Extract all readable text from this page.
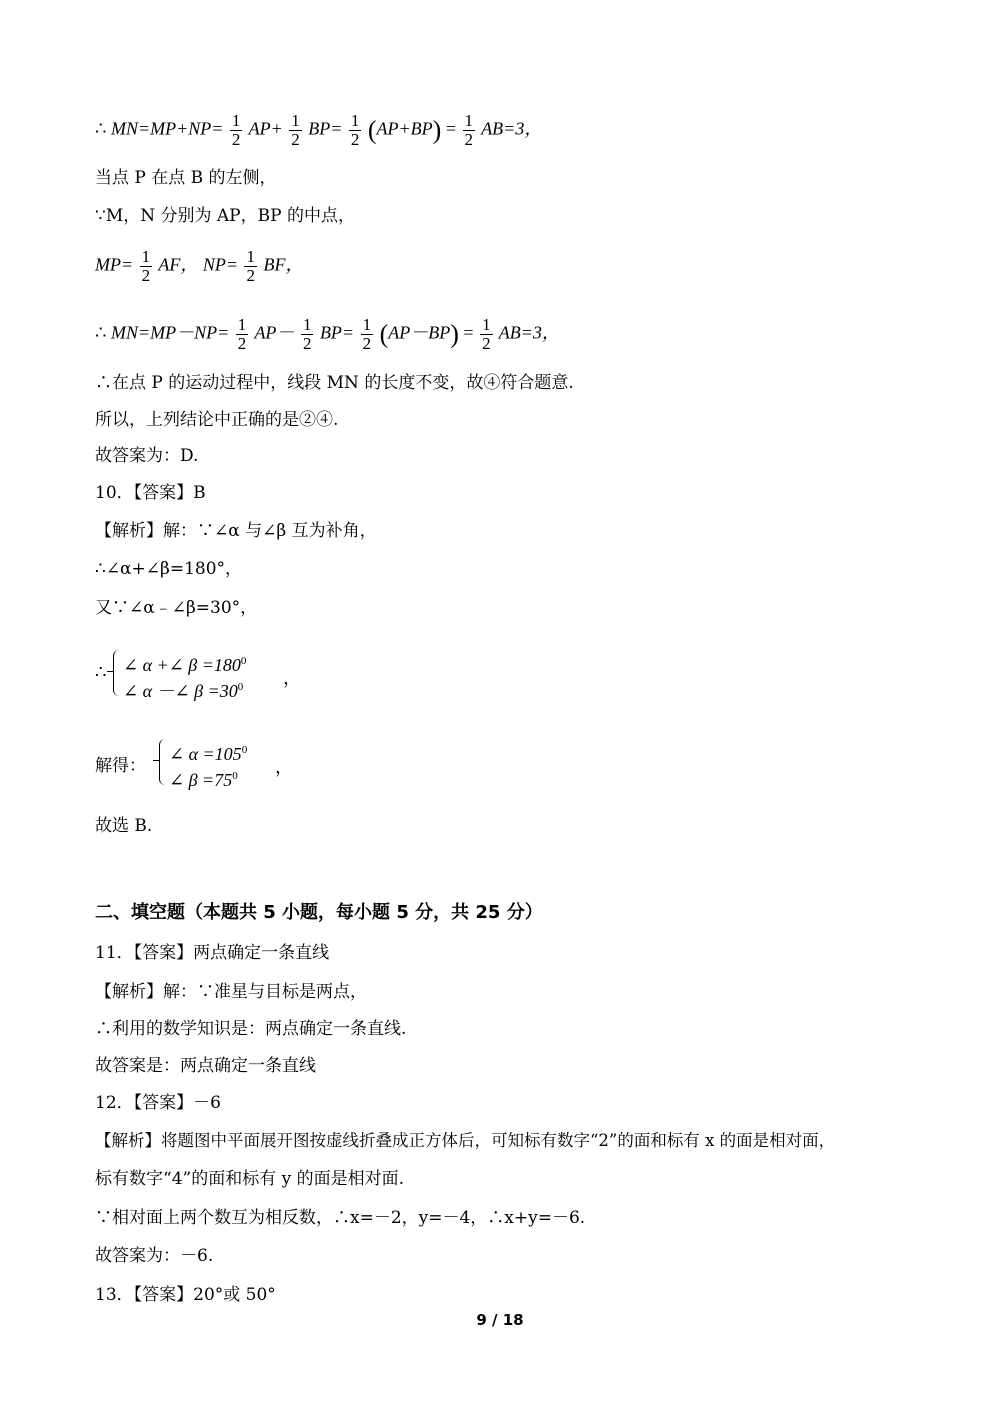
∴ $MN=MP+NP= \frac{1}{2} AP+ \frac{1}{2} BP= \frac{1}{2} (AP+BP) = \frac{1}{2} AB=3$，
当点 P 在点 B 的左侧，
∵M，N 分别为 AP，BP 的中点，
$MP= \frac{1}{2}$ AF， $NP= \frac{1}{2}$ BF，
∴ $MN=MP-NP= \frac{1}{2} AP- \frac{1}{2} BP= \frac{1}{2} (AP-BP) = \frac{1}{2} AB=3$，
∴在点 P 的运动过程中，线段 MN 的长度不变，故④符合题意.
所以，上列结论中正确的是②④.
故答案为：D.
10．【答案】B
【解析】解：∵∠α 与∠β 互为补角，
∴∠α+∠β=180°，
又∵∠α﹣∠β=30°，
∴ ∠ α +∠ $\beta =180^0$
∠ α －∠ $\beta =30^0$ ，
解得：
∠ $\alpha =105^0$
∠ $\beta =75^0$	，
故选 B.
二、填空题（本题共 5 小题，每小题 5 分，共 25 分）
11．【答案】两点确定一条直线
【解析】解：∵准星与目标是两点，
∴利用的数学知识是：两点确定一条直线.
故答案是：两点确定一条直线
12．【答案】－6
【解析】将题图中平面展开图按虚线折叠成正方体后，可知标有数字“2”的面和标有 x 的面是相对面，
标有数字“4”的面和标有 y 的面是相对面.
∵相对面上两个数互为相反数，∴x=－2，y=－4，∴x+y=－6.
故答案为：－6.
13．【答案】20°或 50°
9 / 18
